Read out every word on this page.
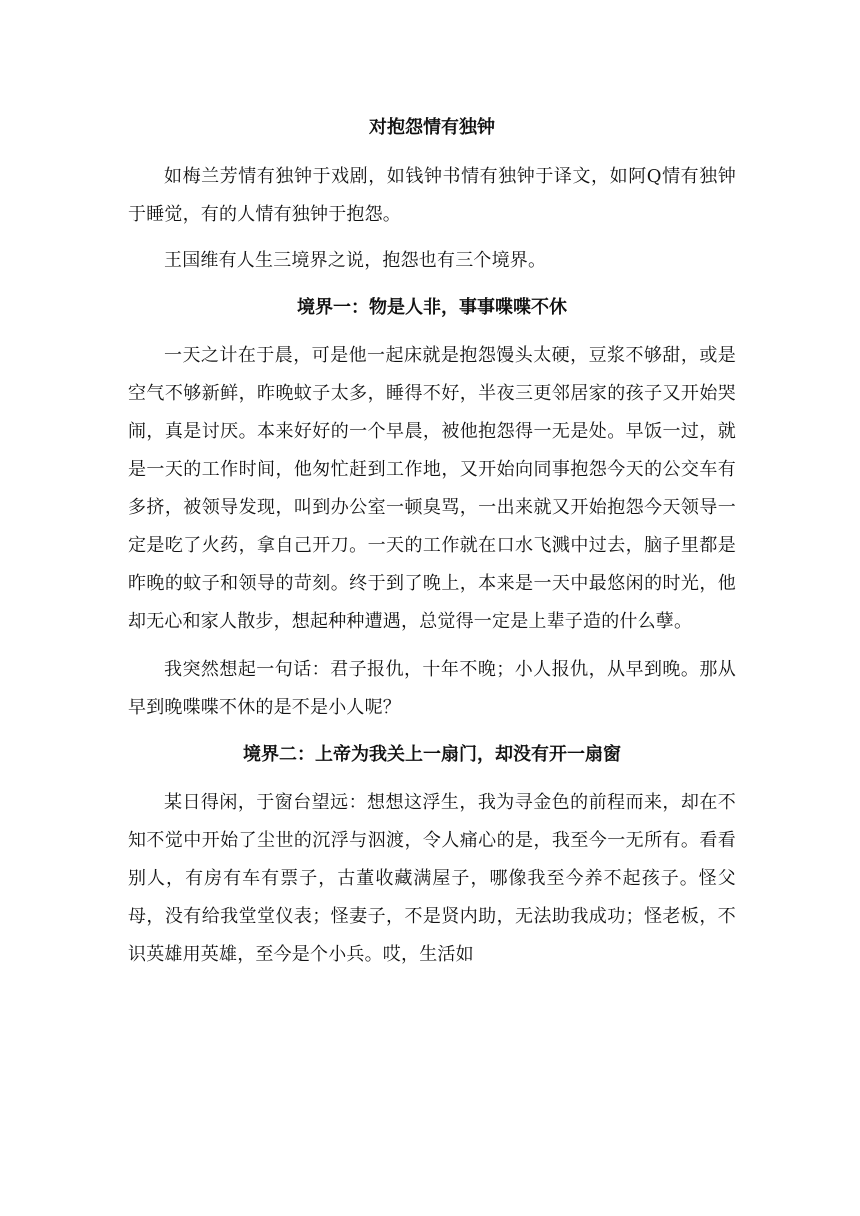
对抱怨情有独钟

如梅兰芳情有独钟于戏剧，如钱钟书情有独钟于译文，如阿Q情有独钟于睡觉，有的人情有独钟于抱怨。

王国维有人生三境界之说，抱怨也有三个境界。

境界一：物是人非，事事喋喋不休

一天之计在于晨，可是他一起床就是抱怨馒头太硬，豆浆不够甜，或是空气不够新鲜，昨晚蚊子太多，睡得不好，半夜三更邻居家的孩子又开始哭闹，真是讨厌。本来好好的一个早晨，被他抱怨得一无是处。早饭一过，就是一天的工作时间，他匆忙赶到工作地，又开始向同事抱怨今天的公交车有多挤，被领导发现，叫到办公室一顿臭骂，一出来就又开始抱怨今天领导一定是吃了火药，拿自己开刀。一天的工作就在口水飞溅中过去，脑子里都是昨晚的蚊子和领导的苛刻。终于到了晚上，本来是一天中最悠闲的时光，他却无心和家人散步，想起种种遭遇，总觉得一定是上辈子造的什么孽。

我突然想起一句话：君子报仇，十年不晚；小人报仇，从早到晚。那从早到晚喋喋不休的是不是小人呢？

境界二：上帝为我关上一扇门，却没有开一扇窗

某日得闲，于窗台望远：想想这浮生，我为寻金色的前程而来，却在不知不觉中开始了尘世的沉浮与泅渡，令人痛心的是，我至今一无所有。看看别人，有房有车有票子，古董收藏满屋子，哪像我至今养不起孩子。怪父母，没有给我堂堂仪表；怪妻子，不是贤内助，无法助我成功；怪老板，不识英雄用英雄，至今是个小兵。哎，生活如
